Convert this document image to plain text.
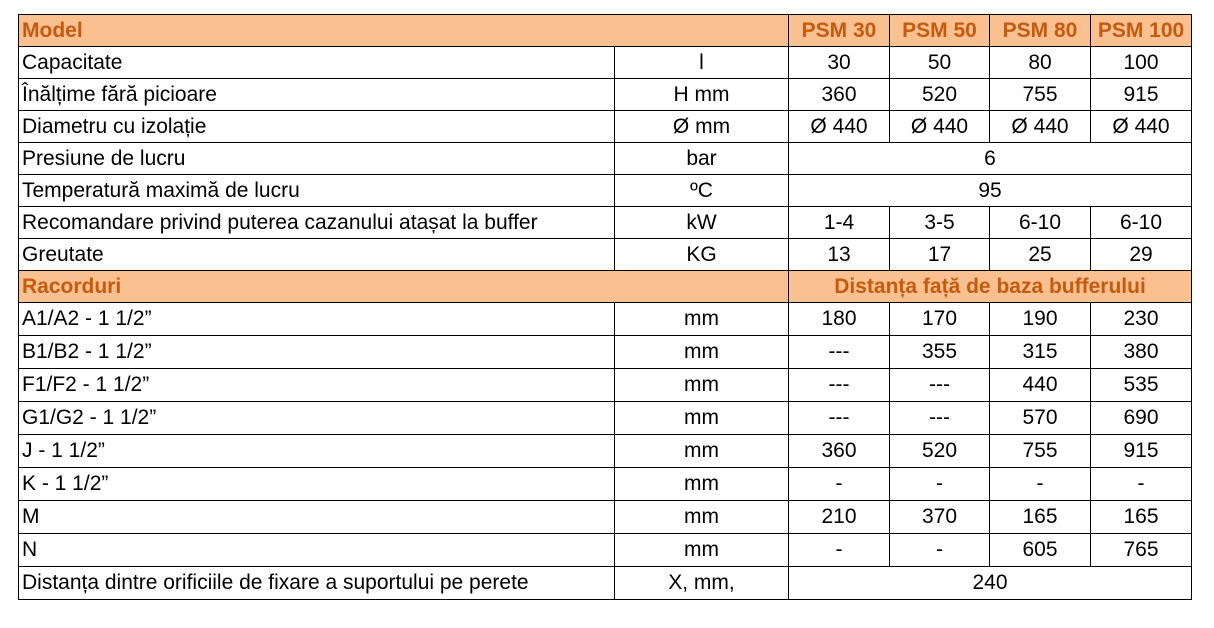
Model		PSM 30	PSM 50	PSM 80	PSM 100
Capacitate	l	30	50	80	100
Înălțime fără picioare	H mm	360	520	755	915
Diametru cu izolație	Ø mm	Ø 440	Ø 440	Ø 440	Ø 440
Presiune de lucru	bar	6			
Temperatură maximă de lucru	ºC	95			
Recomandare privind puterea cazanului atașat la buffer	kW	1-4	3-5	6-10	6-10
Greutate	KG	13	17	25	29
Racorduri		Distanța față de baza bufferului			
A1/A2 - 1 1/2”	mm	180	170	190	230
B1/B2 - 1 1/2”	mm	---	355	315	380
F1/F2 - 1 1/2”	mm	---	---	440	535
G1/G2 - 1 1/2”	mm	---	---	570	690
J - 1 1/2”	mm	360	520	755	915
K - 1 1/2”	mm	-	-	-	-
M	mm	210	370	165	165
N	mm	-	-	605	765
Distanța dintre orificiile de fixare a suportului pe perete	X, mm,	240			
